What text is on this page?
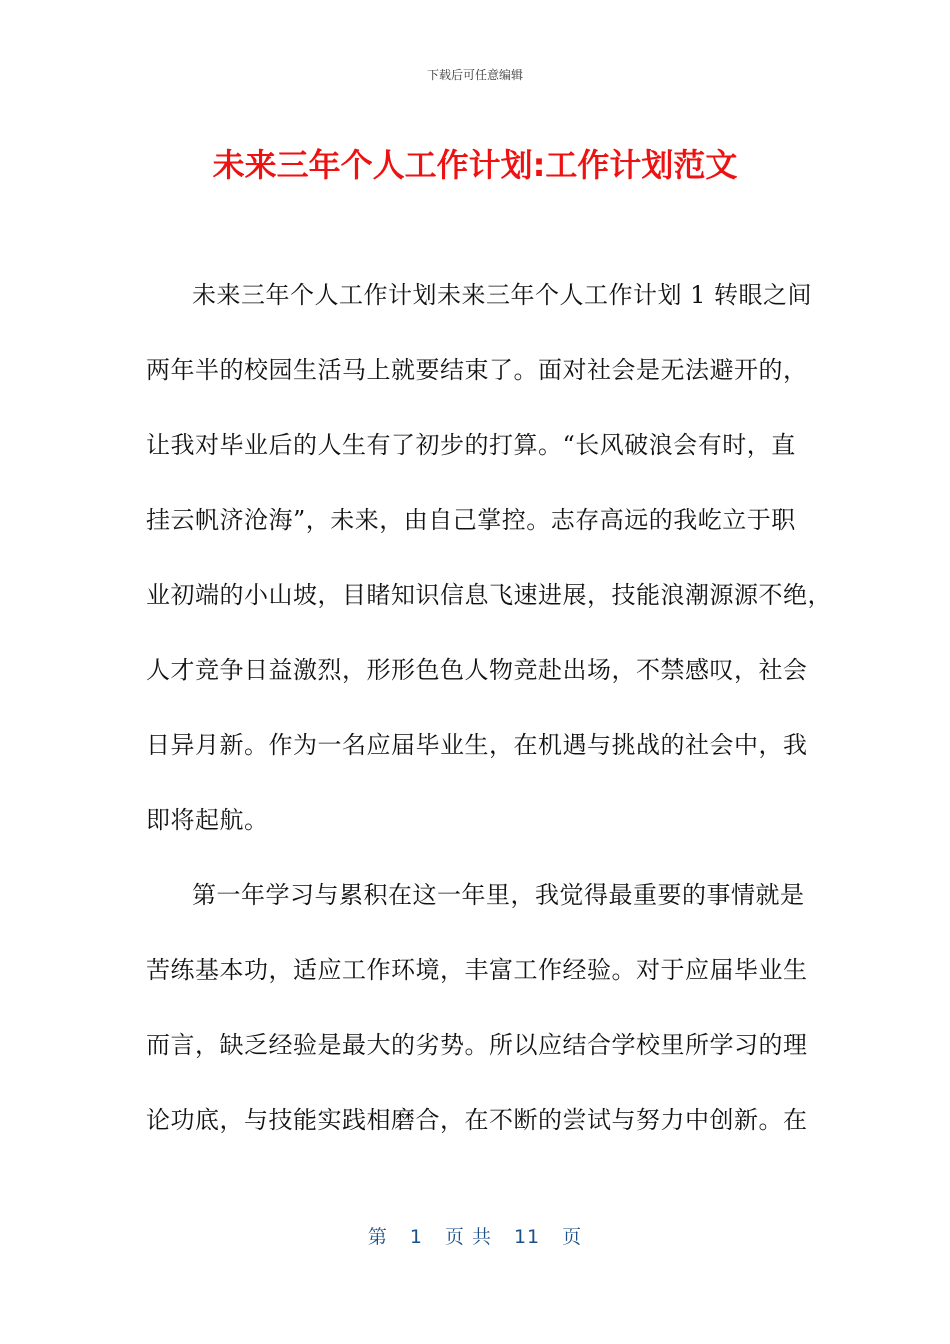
下载后可任意编辑
未来三年个人工作计划:工作计划范文
未来三年个人工作计划未来三年个人工作计划 1 转眼之间
两年半的校园生活马上就要结束了。面对社会是无法避开的，
让我对毕业后的人生有了初步的打算。“长风破浪会有时，直
挂云帆济沧海”，未来，由自己掌控。志存高远的我屹立于职
业初端的小山坡，目睹知识信息飞速进展，技能浪潮源源不绝，
人才竞争日益激烈，形形色色人物竞赴出场，不禁感叹，社会
日异月新。作为一名应届毕业生，在机遇与挑战的社会中，我
即将起航。
第一年学习与累积在这一年里，我觉得最重要的事情就是
苦练基本功，适应工作环境，丰富工作经验。对于应届毕业生
而言，缺乏经验是最大的劣势。所以应结合学校里所学习的理
论功底，与技能实践相磨合，在不断的尝试与努力中创新。在
第 1 页 共 11 页
